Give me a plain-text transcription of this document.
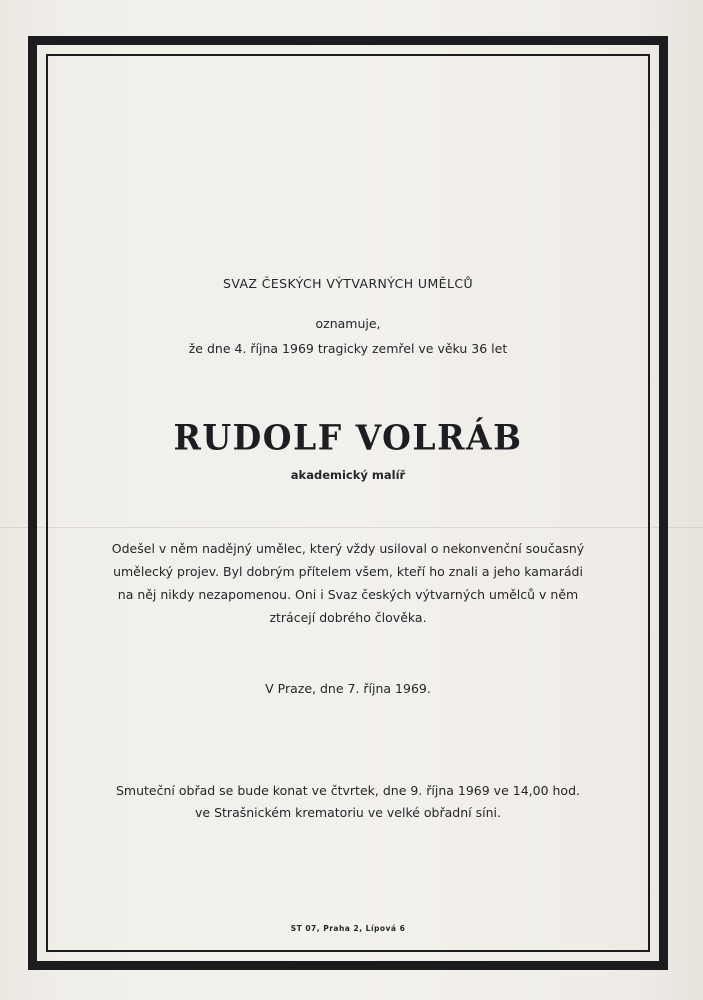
SVAZ ČESKÝCH VÝTVARNÝCH UMĚLCŮ
oznamuje,
že dne 4. října 1969 tragicky zemřel ve věku 36 let
RUDOLF VOLRÁB
akademický malíř
Odešel v něm nadějný umělec, který vždy usiloval o nekonvenční současný
umělecký projev. Byl dobrým přítelem všem, kteří ho znali a jeho kamarádi
na něj nikdy nezapomenou. Oni i Svaz českých výtvarných umělců v něm
ztrácejí dobrého člověka.
V Praze, dne 7. října 1969.
Smuteční obřad se bude konat ve čtvrtek, dne 9. října 1969 ve 14,00 hod.
ve Strašnickém krematoriu ve velké obřadní síni.
ST 07, Praha 2, Lípová 6
